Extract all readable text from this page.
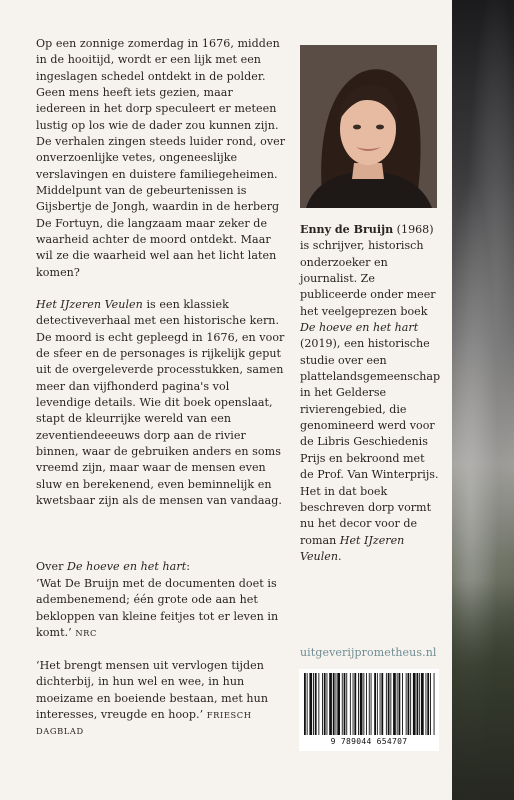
Op een zonnige zomerdag in 1676, midden in de hooitijd, wordt er een lijk met een ingeslagen schedel ontdekt in de polder. Geen mens heeft iets gezien, maar iedereen in het dorp speculeert er meteen lustig op los wie de dader zou kunnen zijn. De verhalen zingen steeds luider rond, over onverzoenlijke vetes, ongeneeslijke verslavingen en duistere familiegeheimen. Middelpunt van de gebeurtenissen is Gijsbertje de Jongh, waardin in de herberg De Fortuyn, die langzaam maar zeker de waarheid achter de moord ontdekt. Maar wil ze die waarheid wel aan het licht laten komen?

Het IJzeren Veulen is een klassiek detectiveverhaal met een historische kern. De moord is echt gepleegd in 1676, en voor de sfeer en de personages is rijkelijk geput uit de overgeleverde processtukken, samen meer dan vijfhonderd pagina's vol levendige details. Wie dit boek openslaat, stapt de kleurrijke wereld van een zeventiendeeeuws dorp aan de rivier binnen, waar de gebruiken anders en soms vreemd zijn, maar waar de mensen even sluw en berekenend, even beminnelijk en kwetsbaar zijn als de mensen van vandaag.

Over De hoeve en het hart:

‘Wat De Bruijn met de documenten doet is adembenemend; één grote ode aan het bekloppen van kleine feitjes tot er leven in komt.’ NRC

‘Het brengt mensen uit vervlogen tijden dichterbij, in hun wel en wee, in hun moeizame en boeiende bestaan, met hun interesses, vreugde en hoop.’ FRIESCH DAGBLAD

Enny de Bruijn (1968) is schrijver, historisch onderzoeker en journalist. Ze publiceerde onder meer het veelgeprezen boek De hoeve en het hart (2019), een historische studie over een plattelandsgemeenschap in het Gelderse rivierengebied, die genomineerd werd voor de Libris Geschiedenis Prijs en bekroond met de Prof. Van Winterprijs. Het in dat boek beschreven dorp vormt nu het decor voor de roman Het IJzeren Veulen.

uitgeverijprometheus.nl
9 789044 654707
